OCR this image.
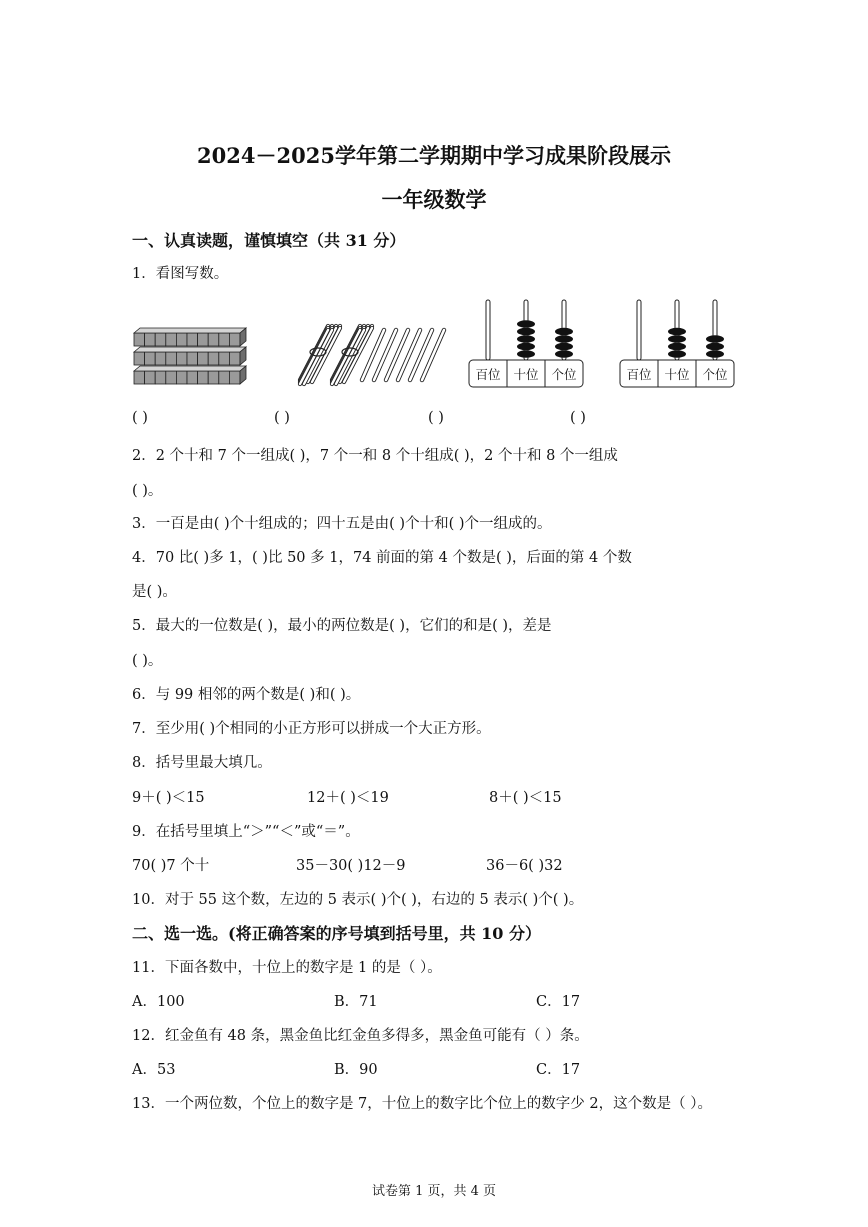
2024－2025学年第二学期期中学习成果阶段展示
一年级数学
一、认真读题，谨慎填空（共 31 分）
1．看图写数。
百位	十位	个位	百位	十位	个位
( )	( )	( )	( )
2．2 个十和 7 个一组成( )，7 个一和 8 个十组成( )，2 个十和 8 个一组成
( )。
3．一百是由( )个十组成的；四十五是由( )个十和( )个一组成的。
4．70 比( )多 1，( )比 50 多 1，74 前面的第 4 个数是( )，后面的第 4 个数
是( )。
5．最大的一位数是( )，最小的两位数是( )，它们的和是( )，差是
( )。
6．与 99 相邻的两个数是( )和( )。
7．至少用( )个相同的小正方形可以拼成一个大正方形。
8．括号里最大填几。
9＋( )＜15	12＋( )＜19	8＋( )＜15
9．在括号里填上“＞”“＜”或“＝”。
70( )7 个十	35－30( )12－9	36－6( )32
10．对于 55 这个数，左边的 5 表示( )个( )，右边的 5 表示( )个( )。
二、选一选。(将正确答案的序号填到括号里，共 10 分）
11．下面各数中，十位上的数字是 1 的是（ ）。
A．100	B．71	C．17
12．红金鱼有 48 条，黑金鱼比红金鱼多得多，黑金鱼可能有（ ）条。
A．53	B．90	C．17
13．一个两位数，个位上的数字是 7，十位上的数字比个位上的数字少 2，这个数是（ ）。
试卷第 1 页，共 4 页
